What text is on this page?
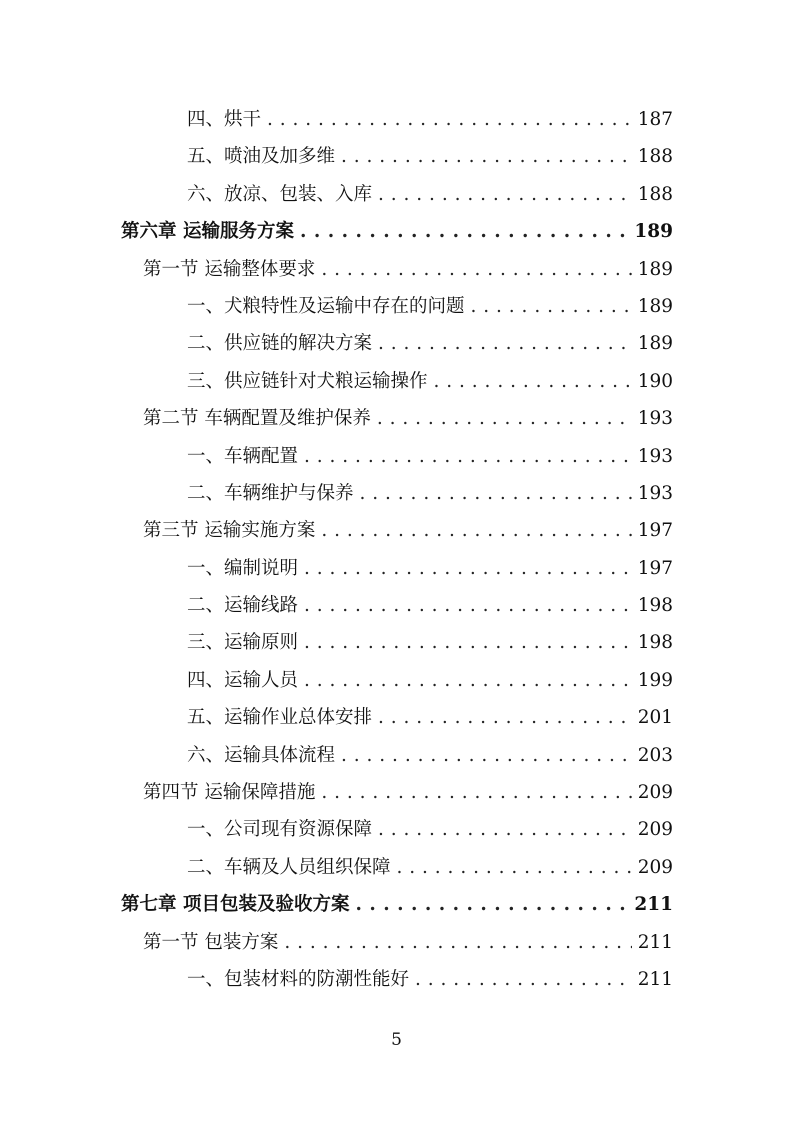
四、烘干 . . .	187
五、喷油及加多维 . . .	188
六、放凉、包装、入库 . . .	188
第六章 运输服务方案 . . .	189
第一节 运输整体要求 . . .	189
一、犬粮特性及运输中存在的问题 . . .	189
二、供应链的解决方案 . . .	189
三、供应链针对犬粮运输操作 . . .	190
第二节 车辆配置及维护保养 . . .	193
一、车辆配置 . . .	193
二、车辆维护与保养 . . .	193
第三节 运输实施方案 . . .	197
一、编制说明 . . .	197
二、运输线路 . . .	198
三、运输原则 . . .	198
四、运输人员 . . .	199
五、运输作业总体安排 . . .	201
六、运输具体流程 . . .	203
第四节 运输保障措施 . . .	209
一、公司现有资源保障 . . .	209
二、车辆及人员组织保障 . . .	209
第七章 项目包装及验收方案 . . .	211
第一节 包装方案 . . .	211
一、包装材料的防潮性能好 . . .	211
5
